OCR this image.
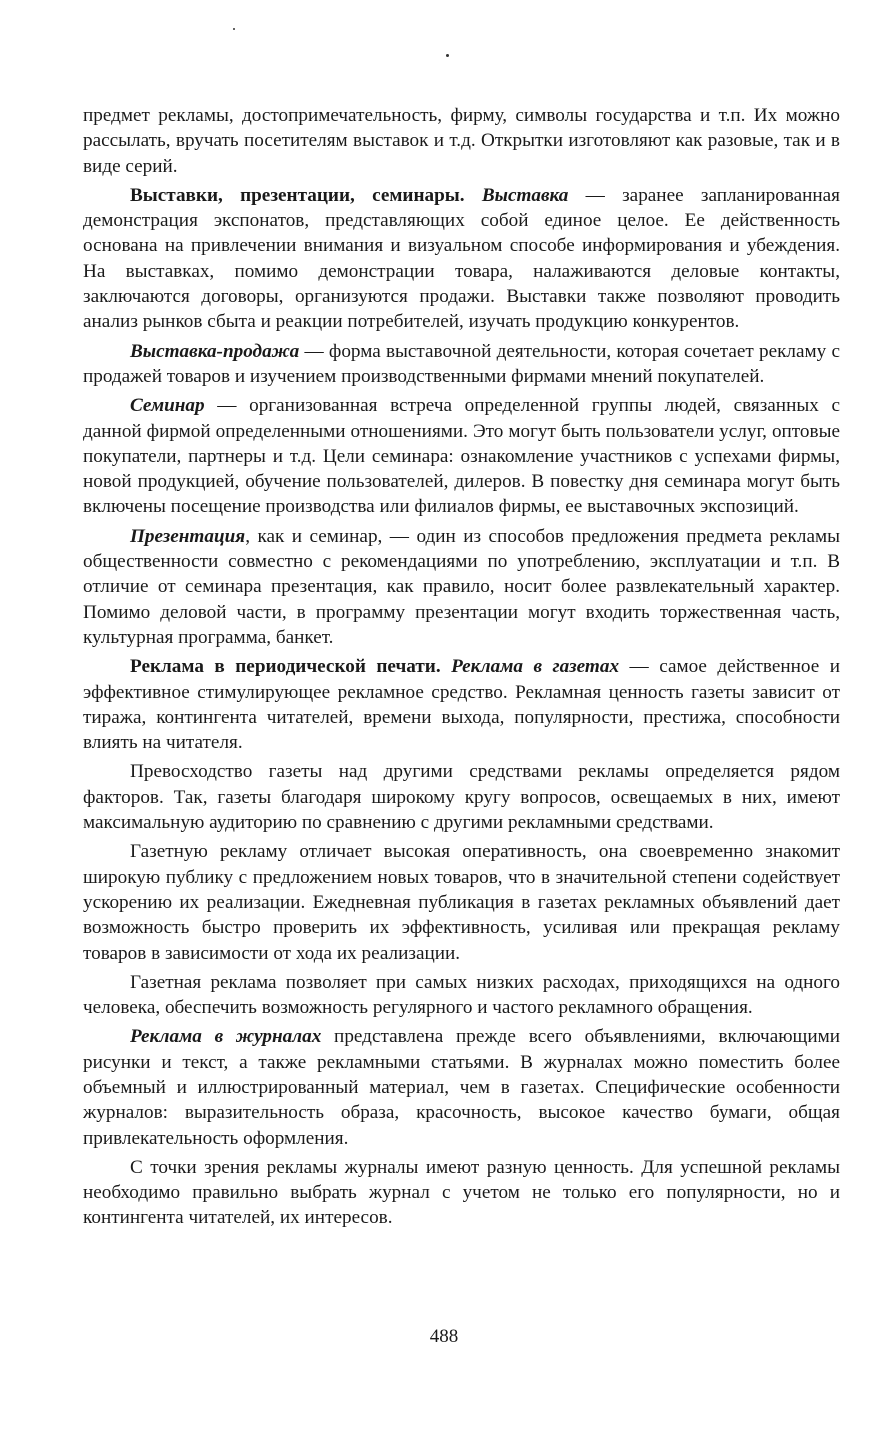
предмет рекламы, достопримечательность, фирму, символы государства и т.п. Их можно рассылать, вручать посетителям выставок и т.д. Открытки изготовляют как разовые, так и в виде серий.

Выставки, презентации, семинары. Выставка — заранее запланированная демонстрация экспонатов, представляющих собой единое целое. Ее действенность основана на привлечении внимания и визуальном способе информирования и убеждения. На выставках, помимо демонстрации товара, налаживаются деловые контакты, заключаются договоры, организуются продажи. Выставки также позволяют проводить анализ рынков сбыта и реакции потребителей, изучать продукцию конкурентов.

Выставка-продажа — форма выставочной деятельности, которая сочетает рекламу с продажей товаров и изучением производственными фирмами мнений покупателей.

Семинар — организованная встреча определенной группы людей, связанных с данной фирмой определенными отношениями. Это могут быть пользователи услуг, оптовые покупатели, партнеры и т.д. Цели семинара: ознакомление участников с успехами фирмы, новой продукцией, обучение пользователей, дилеров. В повестку дня семинара могут быть включены посещение производства или филиалов фирмы, ее выставочных экспозиций.

Презентация, как и семинар, — один из способов предложения предмета рекламы общественности совместно с рекомендациями по употреблению, эксплуатации и т.п. В отличие от семинара презентация, как правило, носит более развлекательный характер. Помимо деловой части, в программу презентации могут входить торжественная часть, культурная программа, банкет.

Реклама в периодической печати. Реклама в газетах — самое действенное и эффективное стимулирующее рекламное средство. Рекламная ценность газеты зависит от тиража, контингента читателей, времени выхода, популярности, престижа, способности влиять на читателя.

Превосходство газеты над другими средствами рекламы определяется рядом факторов. Так, газеты благодаря широкому кругу вопросов, освещаемых в них, имеют максимальную аудиторию по сравнению с другими рекламными средствами.

Газетную рекламу отличает высокая оперативность, она своевременно знакомит широкую публику с предложением новых товаров, что в значительной степени содействует ускорению их реализации. Ежедневная публикация в газетах рекламных объявлений дает возможность быстро проверить их эффективность, усиливая или прекращая рекламу товаров в зависимости от хода их реализации.

Газетная реклама позволяет при самых низких расходах, приходящихся на одного человека, обеспечить возможность регулярного и частого рекламного обращения.

Реклама в журналах представлена прежде всего объявлениями, включающими рисунки и текст, а также рекламными статьями. В журналах можно поместить более объемный и иллюстрированный материал, чем в газетах. Специфические особенности журналов: выразительность образа, красочность, высокое качество бумаги, общая привлекательность оформления.

С точки зрения рекламы журналы имеют разную ценность. Для успешной рекламы необходимо правильно выбрать журнал с учетом не только его популярности, но и контингента читателей, их интересов.

488
